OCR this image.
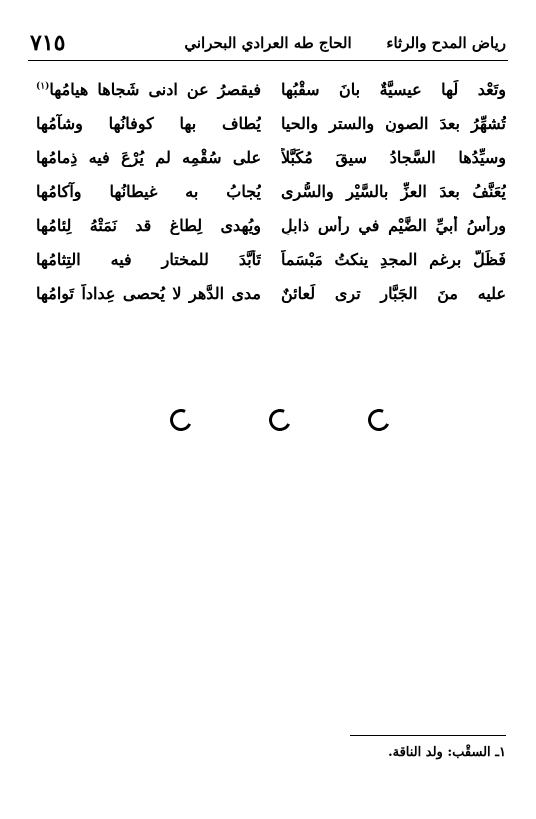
رياض المدح والرثاء
الحاج طه العرادي البحراني
٧١٥
وتَعْد لَها عيسيَّةٌ بانَ سقْبُها
فيقصرُ عن ادنى شَجاها هيامُها$^{(١)}$
تُشهِّرُ بعدَ الصونِ والسترِ والحيا
يُطاف بها كوفانُها وشآمُها
وسيِّدُها السَّجادُ سيقَ مُكَبَّلاً
على سُقْمِه لم يُرْعَ فيه ذِمامُها
يُعَنَّفُ بعدَ العزِّ بالسَّيْرِ والسُّرى
يُجابُ به غيطانُها وآكامُها
ورأسُ أبيِّ الضَّيْمِ في رأسِ ذابلٍ
ويُهدى لِطاغٍ قد نَمَتْهُ لِئامُها
فَظَلَّ برغمِ المجدِ ينكتُ مَبْسَماً
تَأبَّدَ للمختارِ فيه التِثامُها
عليه منَ الجَبَّارِ ترى لَعائنٌ
مدى الدَّهرِ لا يُحصى عِداداً تَوامُها
١ـ السقْب: ولد الناقة.
